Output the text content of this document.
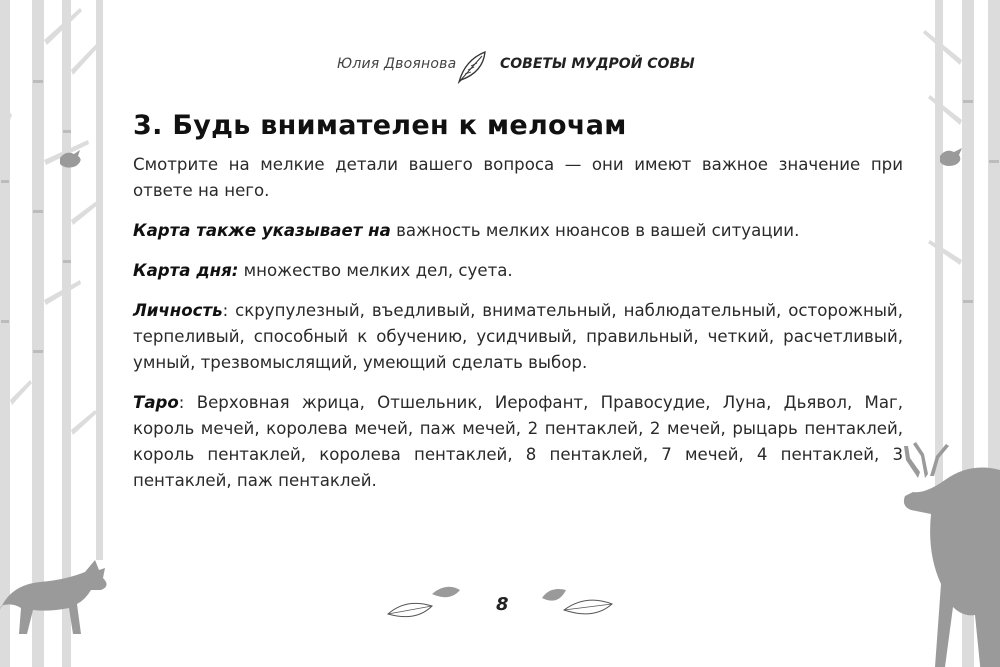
Юлия Двоянова	СОВЕТЫ МУДРОЙ СОВЫ
3. Будь внимателен к мелочам

Смотрите на мелкие детали вашего вопроса — они имеют важное значение при ответе на него.

Карта также указывает на важность мелких нюансов в вашей ситуации.

Карта дня: множество мелких дел, суета.

Личность: скрупулезный, въедливый, внимательный, наблюдательный, осторожный, терпеливый, способный к обучению, усидчивый, правильный, четкий, расчетливый, умный, трезвомыслящий, умеющий сделать выбор.

Таро: Верховная жрица, Отшельник, Иерофант, Правосудие, Луна, Дьявол, Маг, король мечей, королева мечей, паж мечей, 2 пентаклей, 2 мечей, рыцарь пентаклей, король пентаклей, королева пентаклей, 8 пентаклей, 7 мечей, 4 пентаклей, 3 пентаклей, паж пентаклей.

8
